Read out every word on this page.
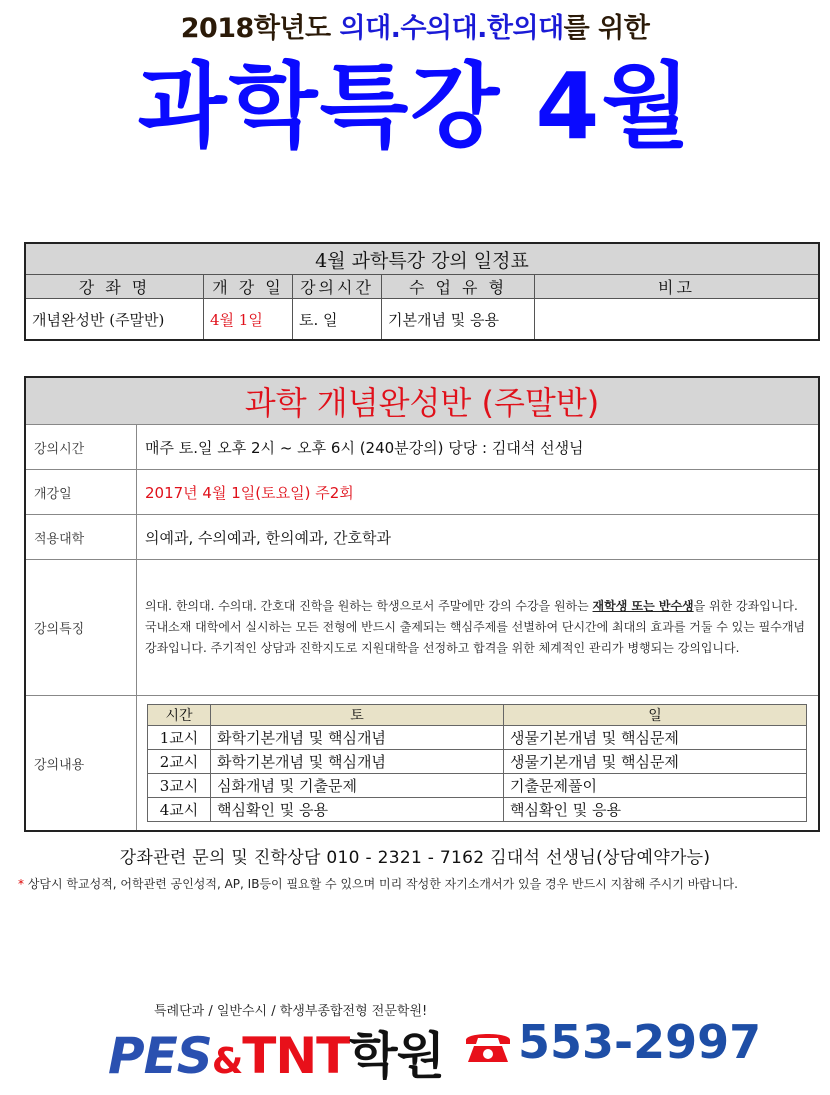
2018학년도 의대.수의대.한의대를 위한
과학특강 4월
4월 과학특강 강의 일정표				
강 좌 명	개 강 일	강의시간	수 업 유 형	비고
개념완성반 (주말반)	4월 1일	토. 일	기본개념 및 응용	
과학 개념완성반 (주말반)
강의시간	매주 토.일 오후 2시 ~ 오후 6시 (240분강의) 당당 : 김대석 선생님
개강일	2017년 4월 1일(토요일) 주2회
적용대학	의예과, 수의예과, 한의예과, 간호학과
강의특징	
의대. 한의대. 수의대. 간호대 진학을 원하는 학생으로서 주말에만 강의 수강을 원하는 재학생 또는 반수생을 위한 강좌입니다.
국내소재 대학에서 실시하는 모든 전형에 반드시 출제되는 핵심주제를 선별하여 단시간에 최대의 효과를 거둘 수 있는 필수개념 강좌입니다. 주기적인 상담과 진학지도로 지원대학을 선정하고 합격을 위한 체계적인 관리가 병행되는 강의입니다.

강의내용	
시간	토	일
1교시	화학기본개념 및 핵심개념	생물기본개념 및 핵심문제
2교시	화학기본개념 및 핵심개념	생물기본개념 및 핵심문제
3교시	심화개념 및 기출문제	기출문제풀이
4교시	핵심확인 및 응용	핵심확인 및 응용
강좌관련 문의 및 진학상담 010 - 2321 - 7162 김대석 선생님(상담예약가능)
* 상담시 학교성적, 어학관련 공인성적, AP, IB등이 필요할 수 있으며 미리 작성한 자기소개서가 있을 경우 반드시 지참해 주시기 바랍니다.
특례단과 / 일반수시 / 학생부종합전형 전문학원!
PES&TNT학원	553-2997
